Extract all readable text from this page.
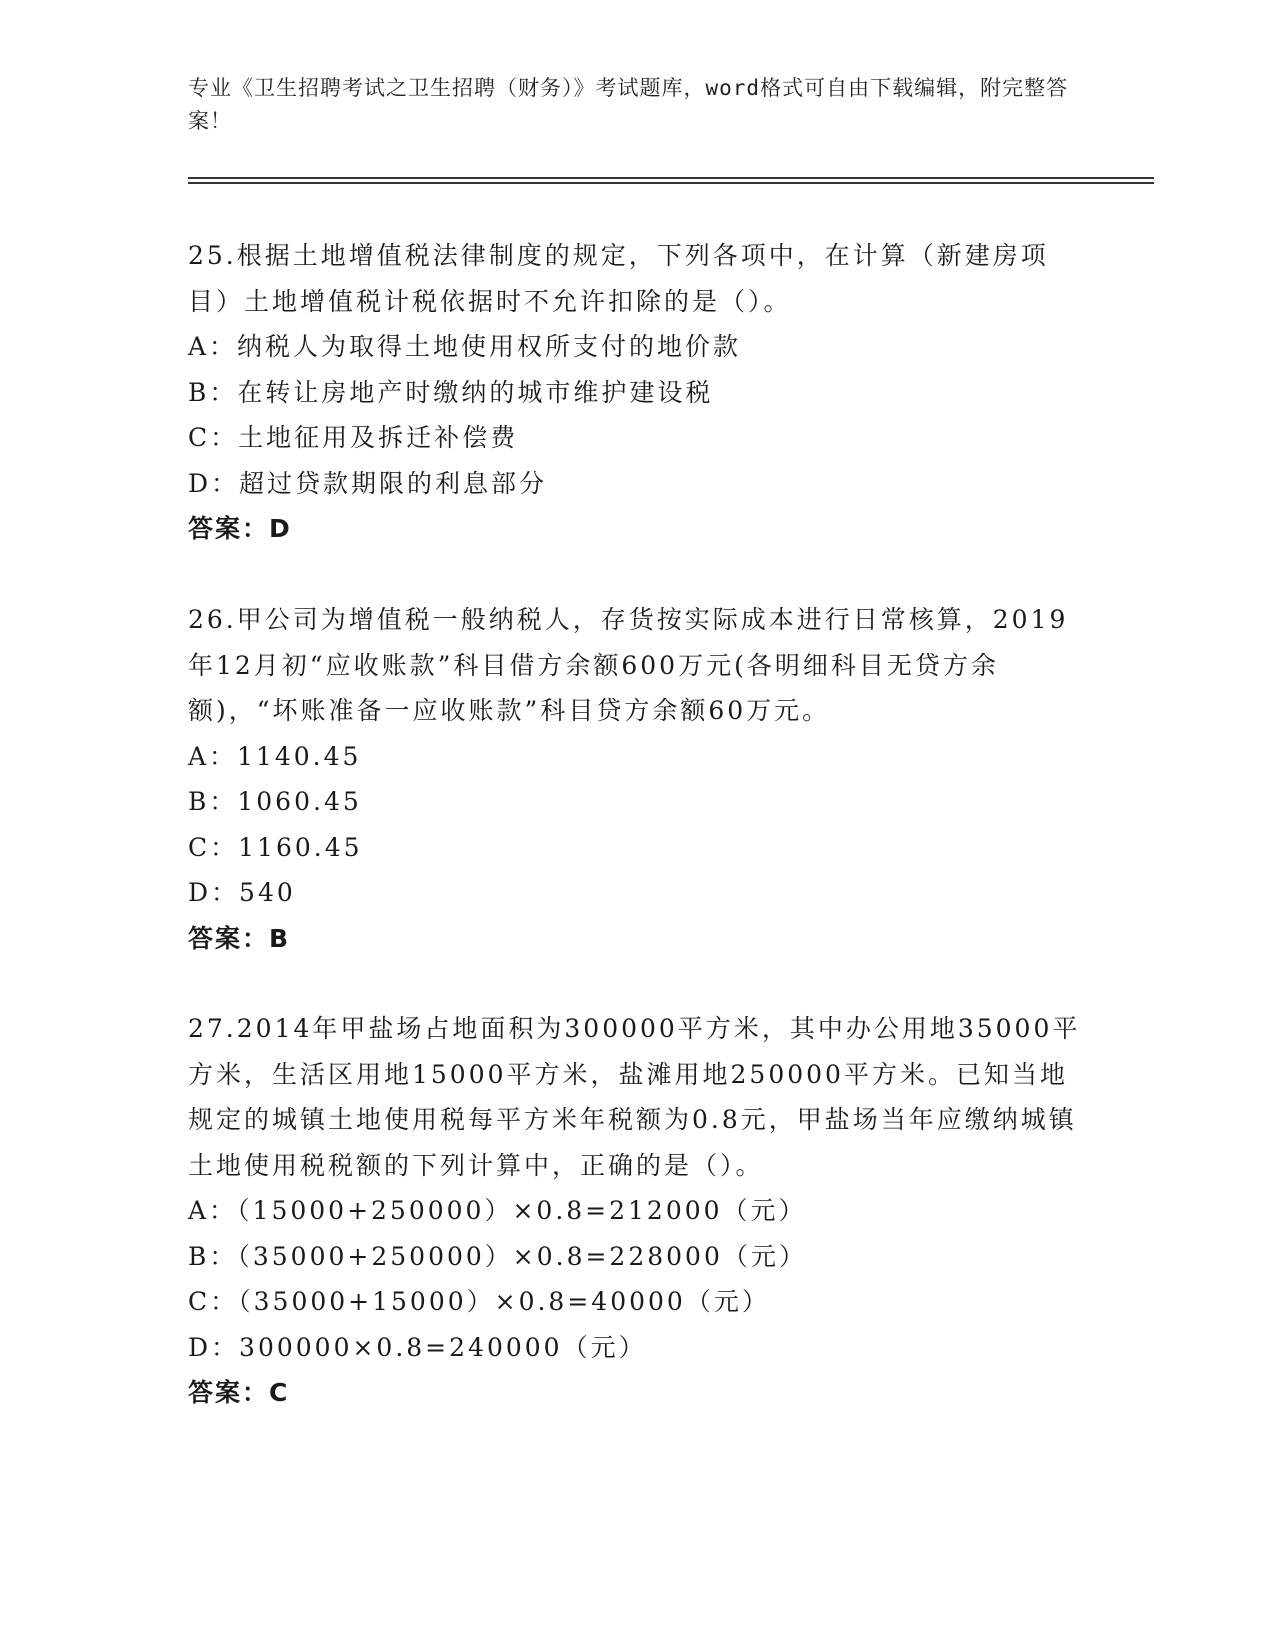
专业《卫生招聘考试之卫生招聘（财务）》考试题库，word格式可自由下载编辑，附完整答案！

25.根据土地增值税法律制度的规定，下列各项中，在计算（新建房项目）土地增值税计税依据时不允许扣除的是（）。

A：纳税人为取得土地使用权所支付的地价款

B：在转让房地产时缴纳的城市维护建设税

C：土地征用及拆迁补偿费

D：超过贷款期限的利息部分

答案：D

26.甲公司为增值税一般纳税人，存货按实际成本进行日常核算，2019年12月初“应收账款”科目借方余额600万元(各明细科目无贷方余额)，“坏账准备一应收账款”科目贷方余额60万元。

A：1140.45

B：1060.45

C：1160.45

D：540

答案：B

27.2014年甲盐场占地面积为300000平方米，其中办公用地35000平方米，生活区用地15000平方米，盐滩用地250000平方米。已知当地规定的城镇土地使用税每平方米年税额为0.8元，甲盐场当年应缴纳城镇土地使用税税额的下列计算中，正确的是（）。

A：（15000+250000）×0.8=212000（元）

B：（35000+250000）×0.8=228000（元）

C：（35000+15000）×0.8=40000（元）

D：300000×0.8=240000（元）

答案：C
